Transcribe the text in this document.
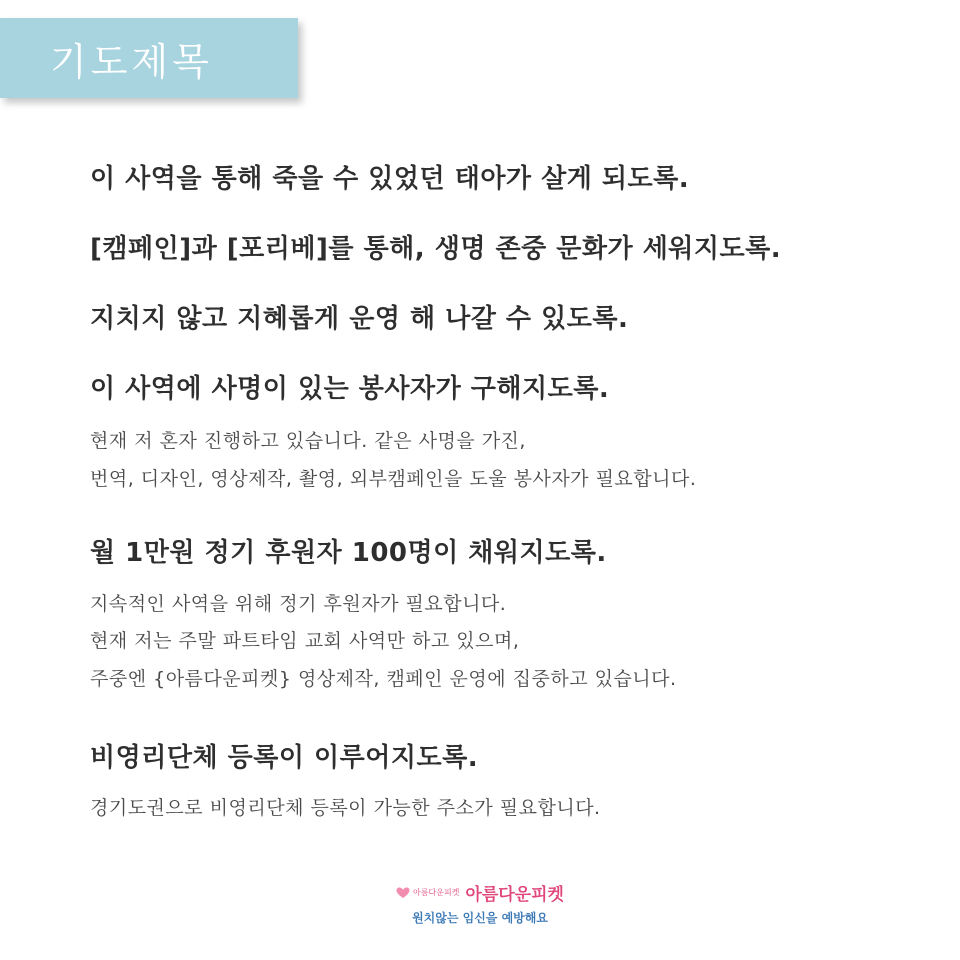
기도제목
이 사역을 통해 죽을 수 있었던 태아가 살게 되도록.
[캠페인]과 [포리베]를 통해, 생명 존중 문화가 세워지도록.
지치지 않고 지혜롭게 운영 해 나갈 수 있도록.
이 사역에 사명이 있는 봉사자가 구해지도록.
현재 저 혼자 진행하고 있습니다. 같은 사명을 가진,
번역, 디자인, 영상제작, 촬영, 외부캠페인을 도울 봉사자가 필요합니다.
월 1만원 정기 후원자 100명이 채워지도록.
지속적인 사역을 위해 정기 후원자가 필요합니다.
현재 저는 주말 파트타임 교회 사역만 하고 있으며,
주중엔 {아름다운피켓} 영상제작, 캠페인 운영에 집중하고 있습니다.
비영리단체 등록이 이루어지도록.
경기도권으로 비영리단체 등록이 가능한 주소가 필요합니다.
아름다운피켓 아름다운피켓
원치않는 임신을 예방해요
